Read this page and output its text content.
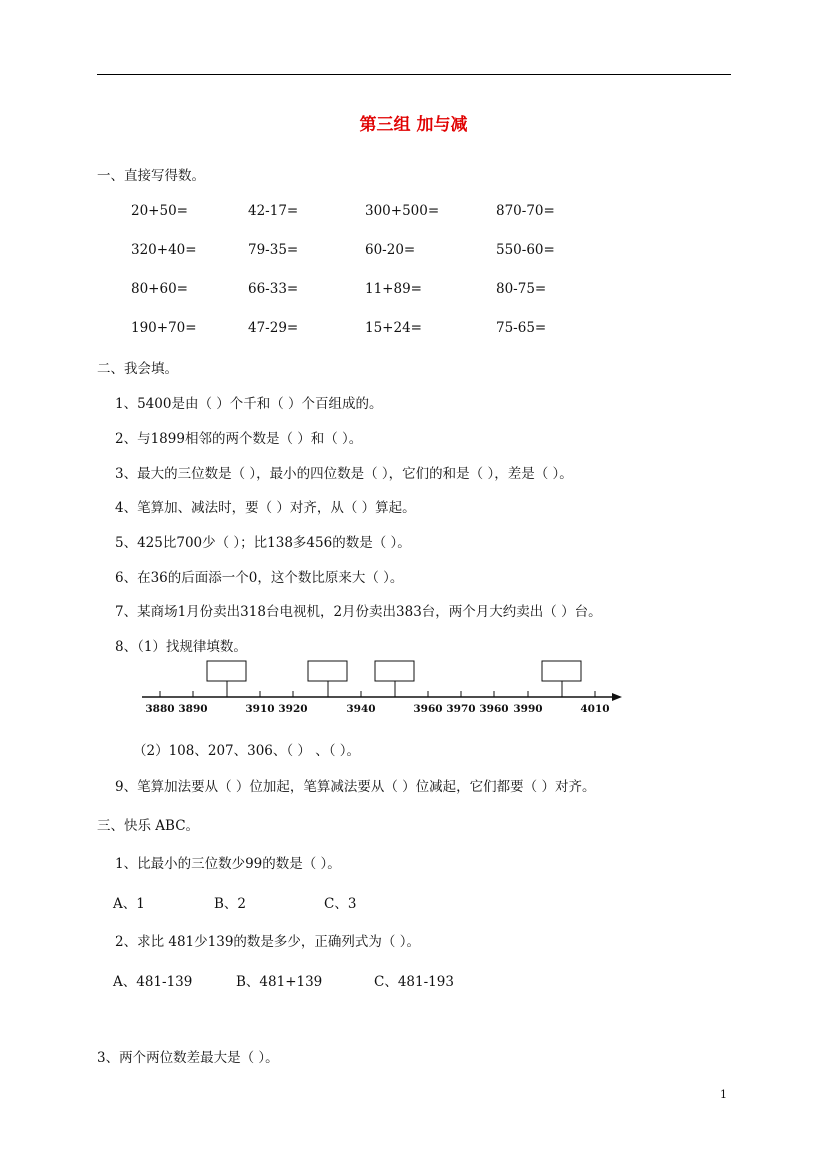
第三组 加与减
一、直接写得数。
20+50=	42-17=	300+500=	870-70=
320+40=	79-35=	60-20=	550-60=
80+60=	66-33=	11+89=	80-75=
190+70=	47-29=	15+24=	75-65=
二、我会填。
1、5400是由（ ）个千和（ ）个百组成的。
2、与1899相邻的两个数是（ ）和（ ）。
3、最大的三位数是（ ），最小的四位数是（ ），它们的和是（ ），差是（ ）。
4、笔算加、减法时，要（ ）对齐，从（ ）算起。
5、425比700少（ ）；比138多456的数是（ ）。
6、在36的后面添一个0，这个数比原来大（ ）。
7、某商场1月份卖出318台电视机，2月份卖出383台，两个月大约卖出（ ）台。
8、（1）找规律填数。
3880 3890	3910 3920	3940	3960 3970 3960 3990	4010
（2）108、207、306、（ ） 、（ ）。
9、笔算加法要从（ ）位加起，笔算减法要从（ ）位减起，它们都要（ ）对齐。
三、快乐 ABC。
1、比最小的三位数少99的数是（ ）。
A、1	B、2	C、3
2、求比 481少139的数是多少，正确列式为（ ）。
A、481-139	B、481+139	C、481-193
3、两个两位数差最大是（ ）。
1
